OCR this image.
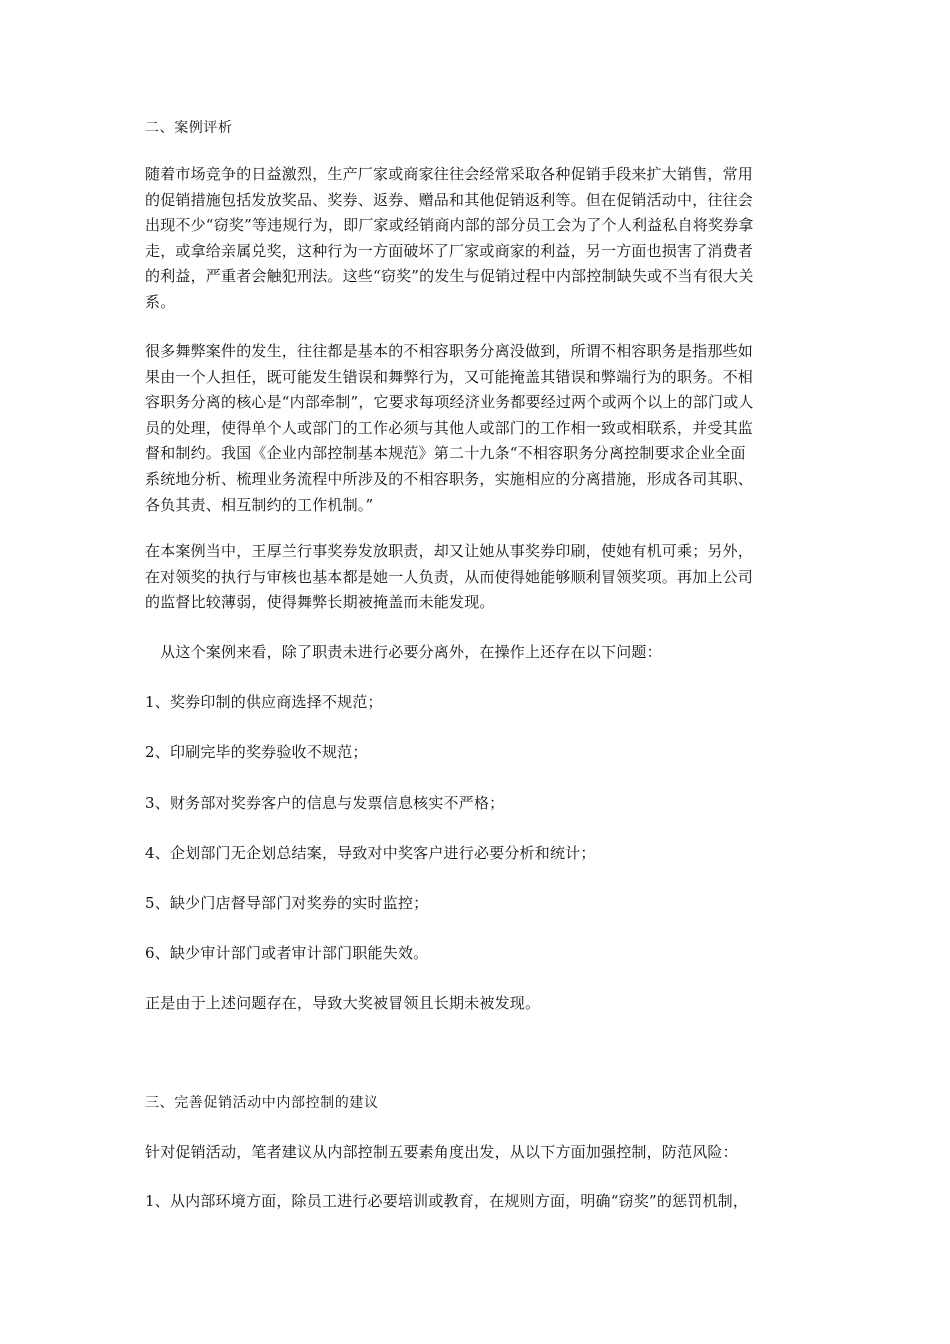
二、案例评析

随着市场竞争的日益激烈，生产厂家或商家往往会经常采取各种促销手段来扩大销售，常用
的促销措施包括发放奖品、奖券、返券、赠品和其他促销返利等。但在促销活动中，往往会
出现不少“窃奖”等违规行为，即厂家或经销商内部的部分员工会为了个人利益私自将奖券拿
走，或拿给亲属兑奖，这种行为一方面破坏了厂家或商家的利益，另一方面也损害了消费者
的利益，严重者会触犯刑法。这些“窃奖”的发生与促销过程中内部控制缺失或不当有很大关
系。

很多舞弊案件的发生，往往都是基本的不相容职务分离没做到，所谓不相容职务是指那些如
果由一个人担任，既可能发生错误和舞弊行为，又可能掩盖其错误和弊端行为的职务。不相
容职务分离的核心是“内部牵制”，它要求每项经济业务都要经过两个或两个以上的部门或人
员的处理，使得单个人或部门的工作必须与其他人或部门的工作相一致或相联系，并受其监
督和制约。我国《企业内部控制基本规范》第二十九条“不相容职务分离控制要求企业全面
系统地分析、梳理业务流程中所涉及的不相容职务，实施相应的分离措施，形成各司其职、
各负其责、相互制约的工作机制。”

在本案例当中，王厚兰行事奖券发放职责，却又让她从事奖券印刷，使她有机可乘；另外，
在对领奖的执行与审核也基本都是她一人负责，从而使得她能够顺利冒领奖项。再加上公司
的监督比较薄弱，使得舞弊长期被掩盖而未能发现。

　从这个案例来看，除了职责未进行必要分离外，在操作上还存在以下问题：

1、奖券印制的供应商选择不规范；

2、印刷完毕的奖券验收不规范；

3、财务部对奖券客户的信息与发票信息核实不严格；

4、企划部门无企划总结案，导致对中奖客户进行必要分析和统计；

5、缺少门店督导部门对奖券的实时监控；

6、缺少审计部门或者审计部门职能失效。

正是由于上述问题存在，导致大奖被冒领且长期未被发现。

三、完善促销活动中内部控制的建议

针对促销活动，笔者建议从内部控制五要素角度出发，从以下方面加强控制，防范风险：

1、从内部环境方面，除员工进行必要培训或教育，在规则方面，明确“窃奖”的惩罚机制，
